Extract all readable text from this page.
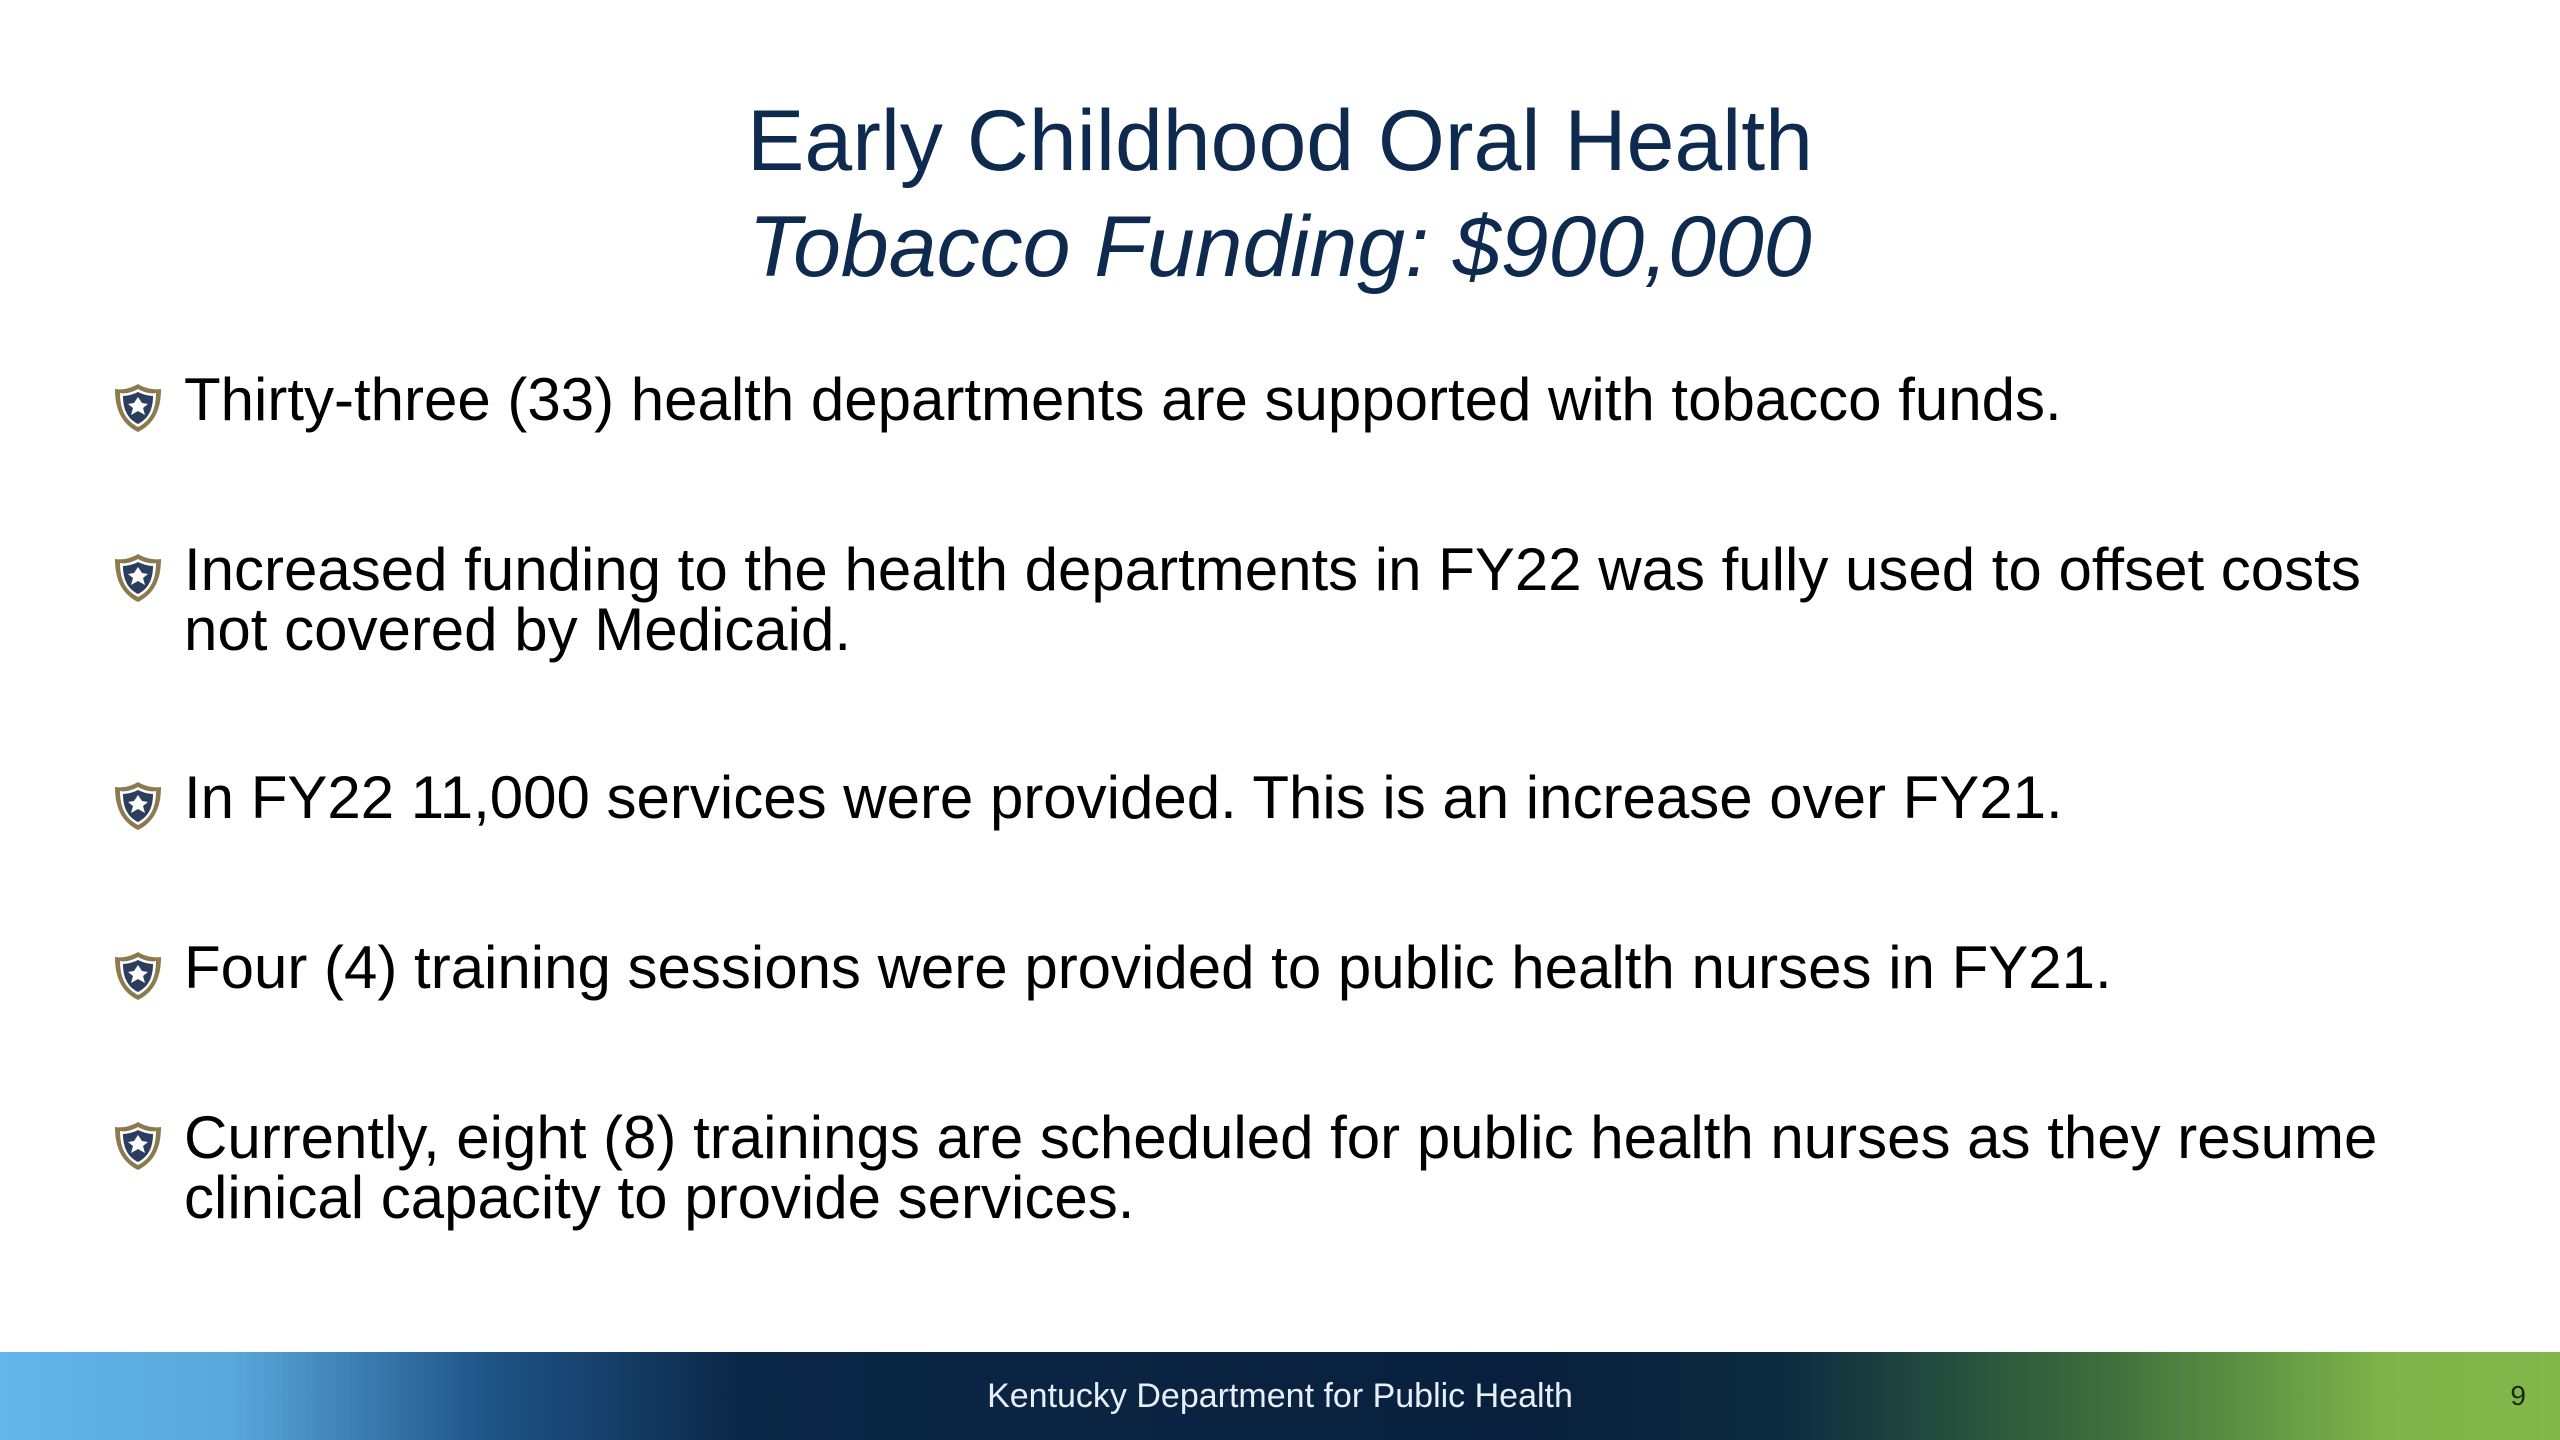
Early Childhood Oral Health
Tobacco Funding: $900,000
Thirty-three (33) health departments are supported with tobacco funds.
Increased funding to the health departments in FY22 was fully used to offset costs not covered by Medicaid.
In FY22 11,000 services were provided. This is an increase over FY21.
Four (4) training sessions were provided to public health nurses in FY21.
Currently, eight (8) trainings are scheduled for public health nurses as they resume clinical capacity to provide services.
Kentucky Department for Public Health	9
